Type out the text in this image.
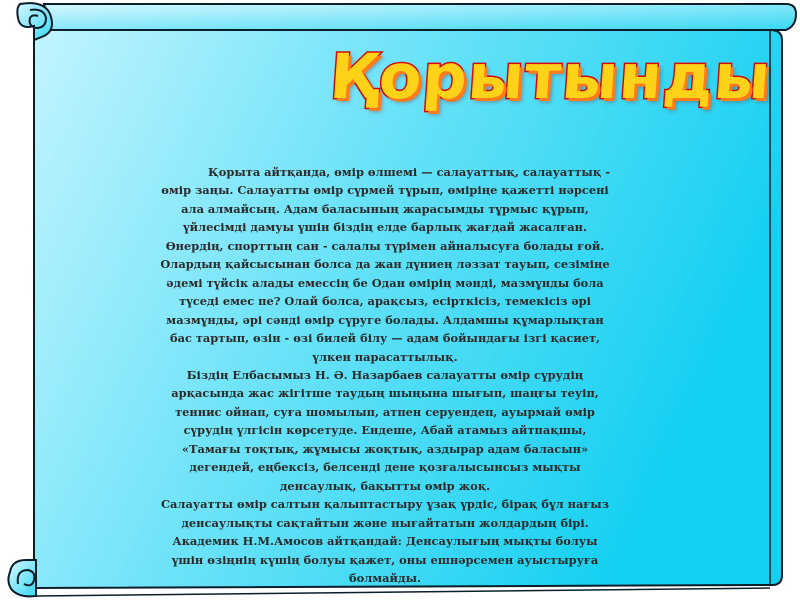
Қорытынды
Қорыта айтқанда, өмір өлшемі — салауаттық, салауаттық -
өмір заңы. Салауатты өмір сүрмей тұрып, өміріңе қажетті нәрсені
ала алмайсың. Адам баласының жарасымды тұрмыс құрып,
үйлесімді дамуы үшін біздің елде барлық жағдай жасалған.
Өнердің, спорттың сан - салалы түрімен айналысуға болады ғой.
Олардың қайсысынан болса да жан дүниең ләззат тауып, сезіміңе
әдемі түйсік алады емессің бе Одан өмірің мәнді, мазмұнды бола
түседі емес пе? Олай болса, арақсыз, есірткісіз, темекісіз әрі
мазмұнды, әрі сәнді өмір сүруге болады. Алдамшы құмарлықтан
бас тартып, өзін - өзі билей білу — адам бойындағы ізгі қасиет,
үлкен парасаттылық.
Біздің Елбасымыз Н. Ә. Назарбаев салауатты өмір сүрудің
арқасында жас жігітше таудың шыңына шығып, шаңғы теуіп,
теннис ойнап, суға шомылып, атпен серуендеп, ауырмай өмір
сүрудің үлгісін көрсетуде. Ендеше, Абай атамыз айтпақшы,
«Тамағы тоқтық, жұмысы жоқтық, аздырар адам баласын»
дегендей, еңбексіз, белсенді дене қозғалысынсыз мықты
денсаулық, бақытты өмір жоқ.
Салауатты өмір салтын қалыптастыру ұзақ үрдіс, бірақ бұл нағыз
денсаулықты сақтайтын және нығайтатын жолдардың бірі.
Академик Н.М.Амосов айтқандай: Денсаулығың мықты болуы
үшін өзіңнің күшің болуы қажет, оны ешнәрсемен ауыстыруға
болмайды.
